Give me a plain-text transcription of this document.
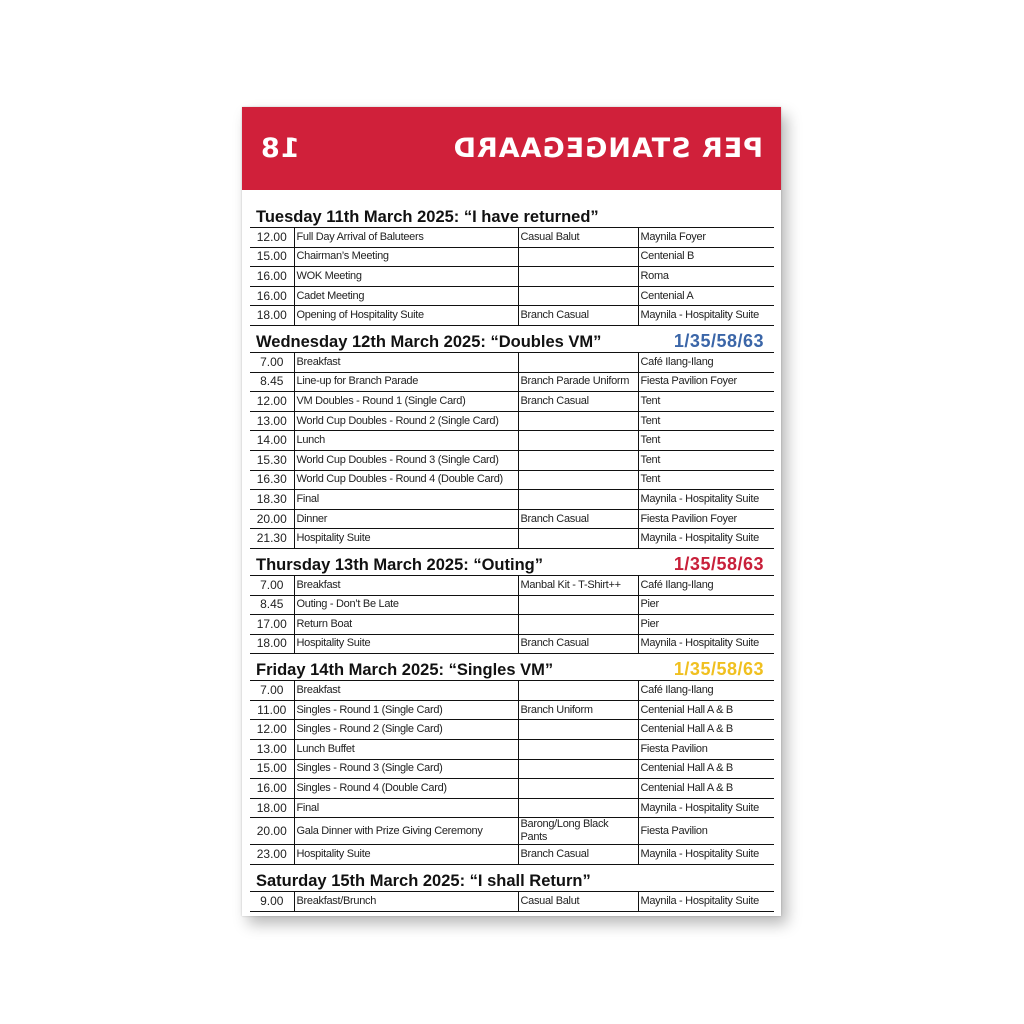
PER STANGEGAARD
18
Tuesday 11th March 2025: “I have returned”
12.00	Full Day Arrival of Baluteers	Casual Balut	Maynila Foyer
15.00	Chairman’s Meeting		Centenial B
16.00	WOK Meeting		Roma
16.00	Cadet Meeting		Centenial A
18.00	Opening of Hospitality Suite	Branch Casual	Maynila - Hospitality Suite
Wednesday 12th March 2025: “Doubles VM”	1/35/58/63
7.00	Breakfast		Café Ilang-Ilang
8.45	Line-up for Branch Parade	Branch Parade Uniform	Fiesta Pavilion Foyer
12.00	VM Doubles - Round 1 (Single Card)	Branch Casual	Tent
13.00	World Cup Doubles - Round 2 (Single Card)		Tent
14.00	Lunch		Tent
15.30	World Cup Doubles - Round 3 (Single Card)		Tent
16.30	World Cup Doubles - Round 4 (Double Card)		Tent
18.30	Final		Maynila - Hospitality Suite
20.00	Dinner	Branch Casual	Fiesta Pavilion Foyer
21.30	Hospitality Suite		Maynila - Hospitality Suite
Thursday 13th March 2025: “Outing”	1/35/58/63
7.00	Breakfast	Manbal Kit - T-Shirt++	Café Ilang-Ilang
8.45	Outing - Don’t Be Late		Pier
17.00	Return Boat		Pier
18.00	Hospitality Suite	Branch Casual	Maynila - Hospitality Suite
Friday 14th March 2025: “Singles VM”	1/35/58/63
7.00	Breakfast		Café Ilang-Ilang
11.00	Singles - Round 1 (Single Card)	Branch Uniform	Centenial Hall A & B
12.00	Singles - Round 2 (Single Card)		Centenial Hall A & B
13.00	Lunch Buffet		Fiesta Pavilion
15.00	Singles - Round 3 (Single Card)		Centenial Hall A & B
16.00	Singles - Round 4 (Double Card)		Centenial Hall A & B
18.00	Final		Maynila - Hospitality Suite
20.00	Gala Dinner with Prize Giving Ceremony	Barong/Long Black Pants	Fiesta Pavilion
23.00	Hospitality Suite	Branch Casual	Maynila - Hospitality Suite
Saturday 15th March 2025: “I shall Return”
9.00	Breakfast/Brunch	Casual Balut	Maynila - Hospitality Suite
